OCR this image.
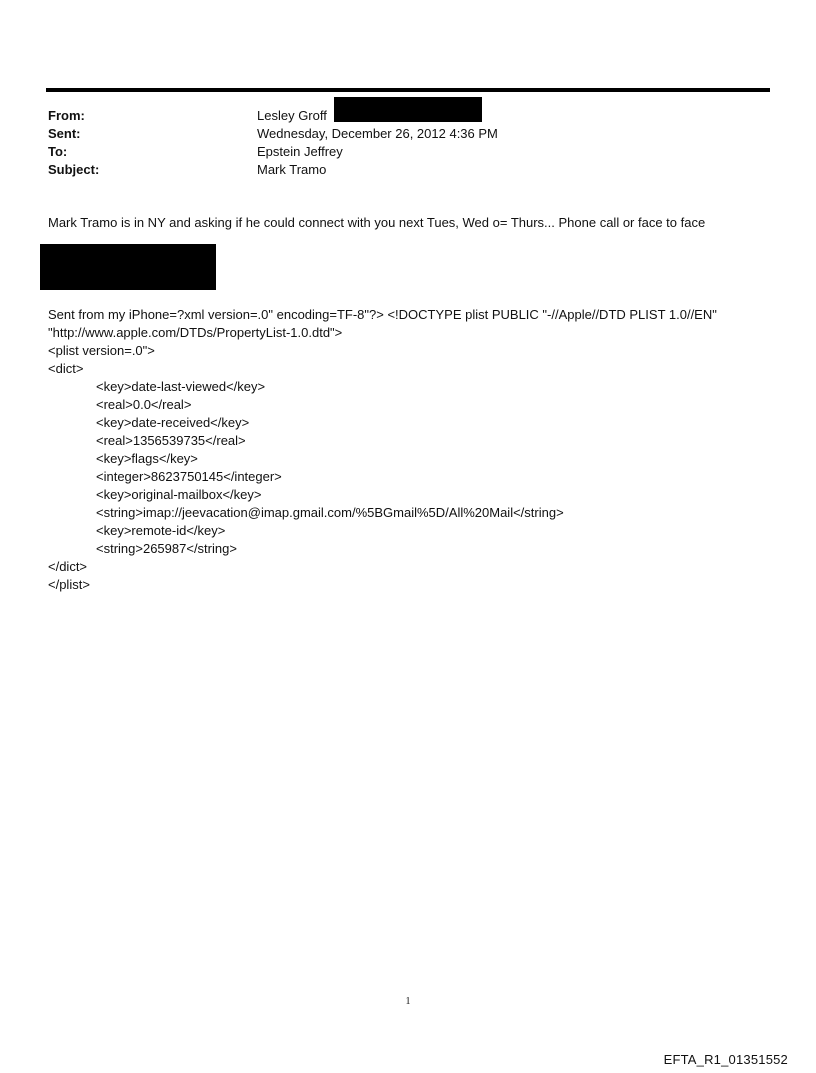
From:	Lesley Groff
Sent:	Wednesday, December 26, 2012 4:36 PM
To:	Epstein Jeffrey
Subject:	Mark Tramo
Mark Tramo is in NY and asking if he could connect with you next Tues, Wed o= Thurs... Phone call or face to face
Sent from my iPhone=?xml version=.0" encoding=TF-8"?> <!DOCTYPE plist PUBLIC "-//Apple//DTD PLIST 1.0//EN"
"http://www.apple.com/DTDs/PropertyList-1.0.dtd">
<plist version=.0">
<dict>
<key>date-last-viewed</key>
<real>0.0</real>
<key>date-received</key>
<real>1356539735</real>
<key>flags</key>
<integer>8623750145</integer>
<key>original-mailbox</key>
<string>imap://jeevacation@imap.gmail.com/%5BGmail%5D/All%20Mail</string>
<key>remote-id</key>
<string>265987</string>
</dict>
</plist>
1
EFTA_R1_01351552
